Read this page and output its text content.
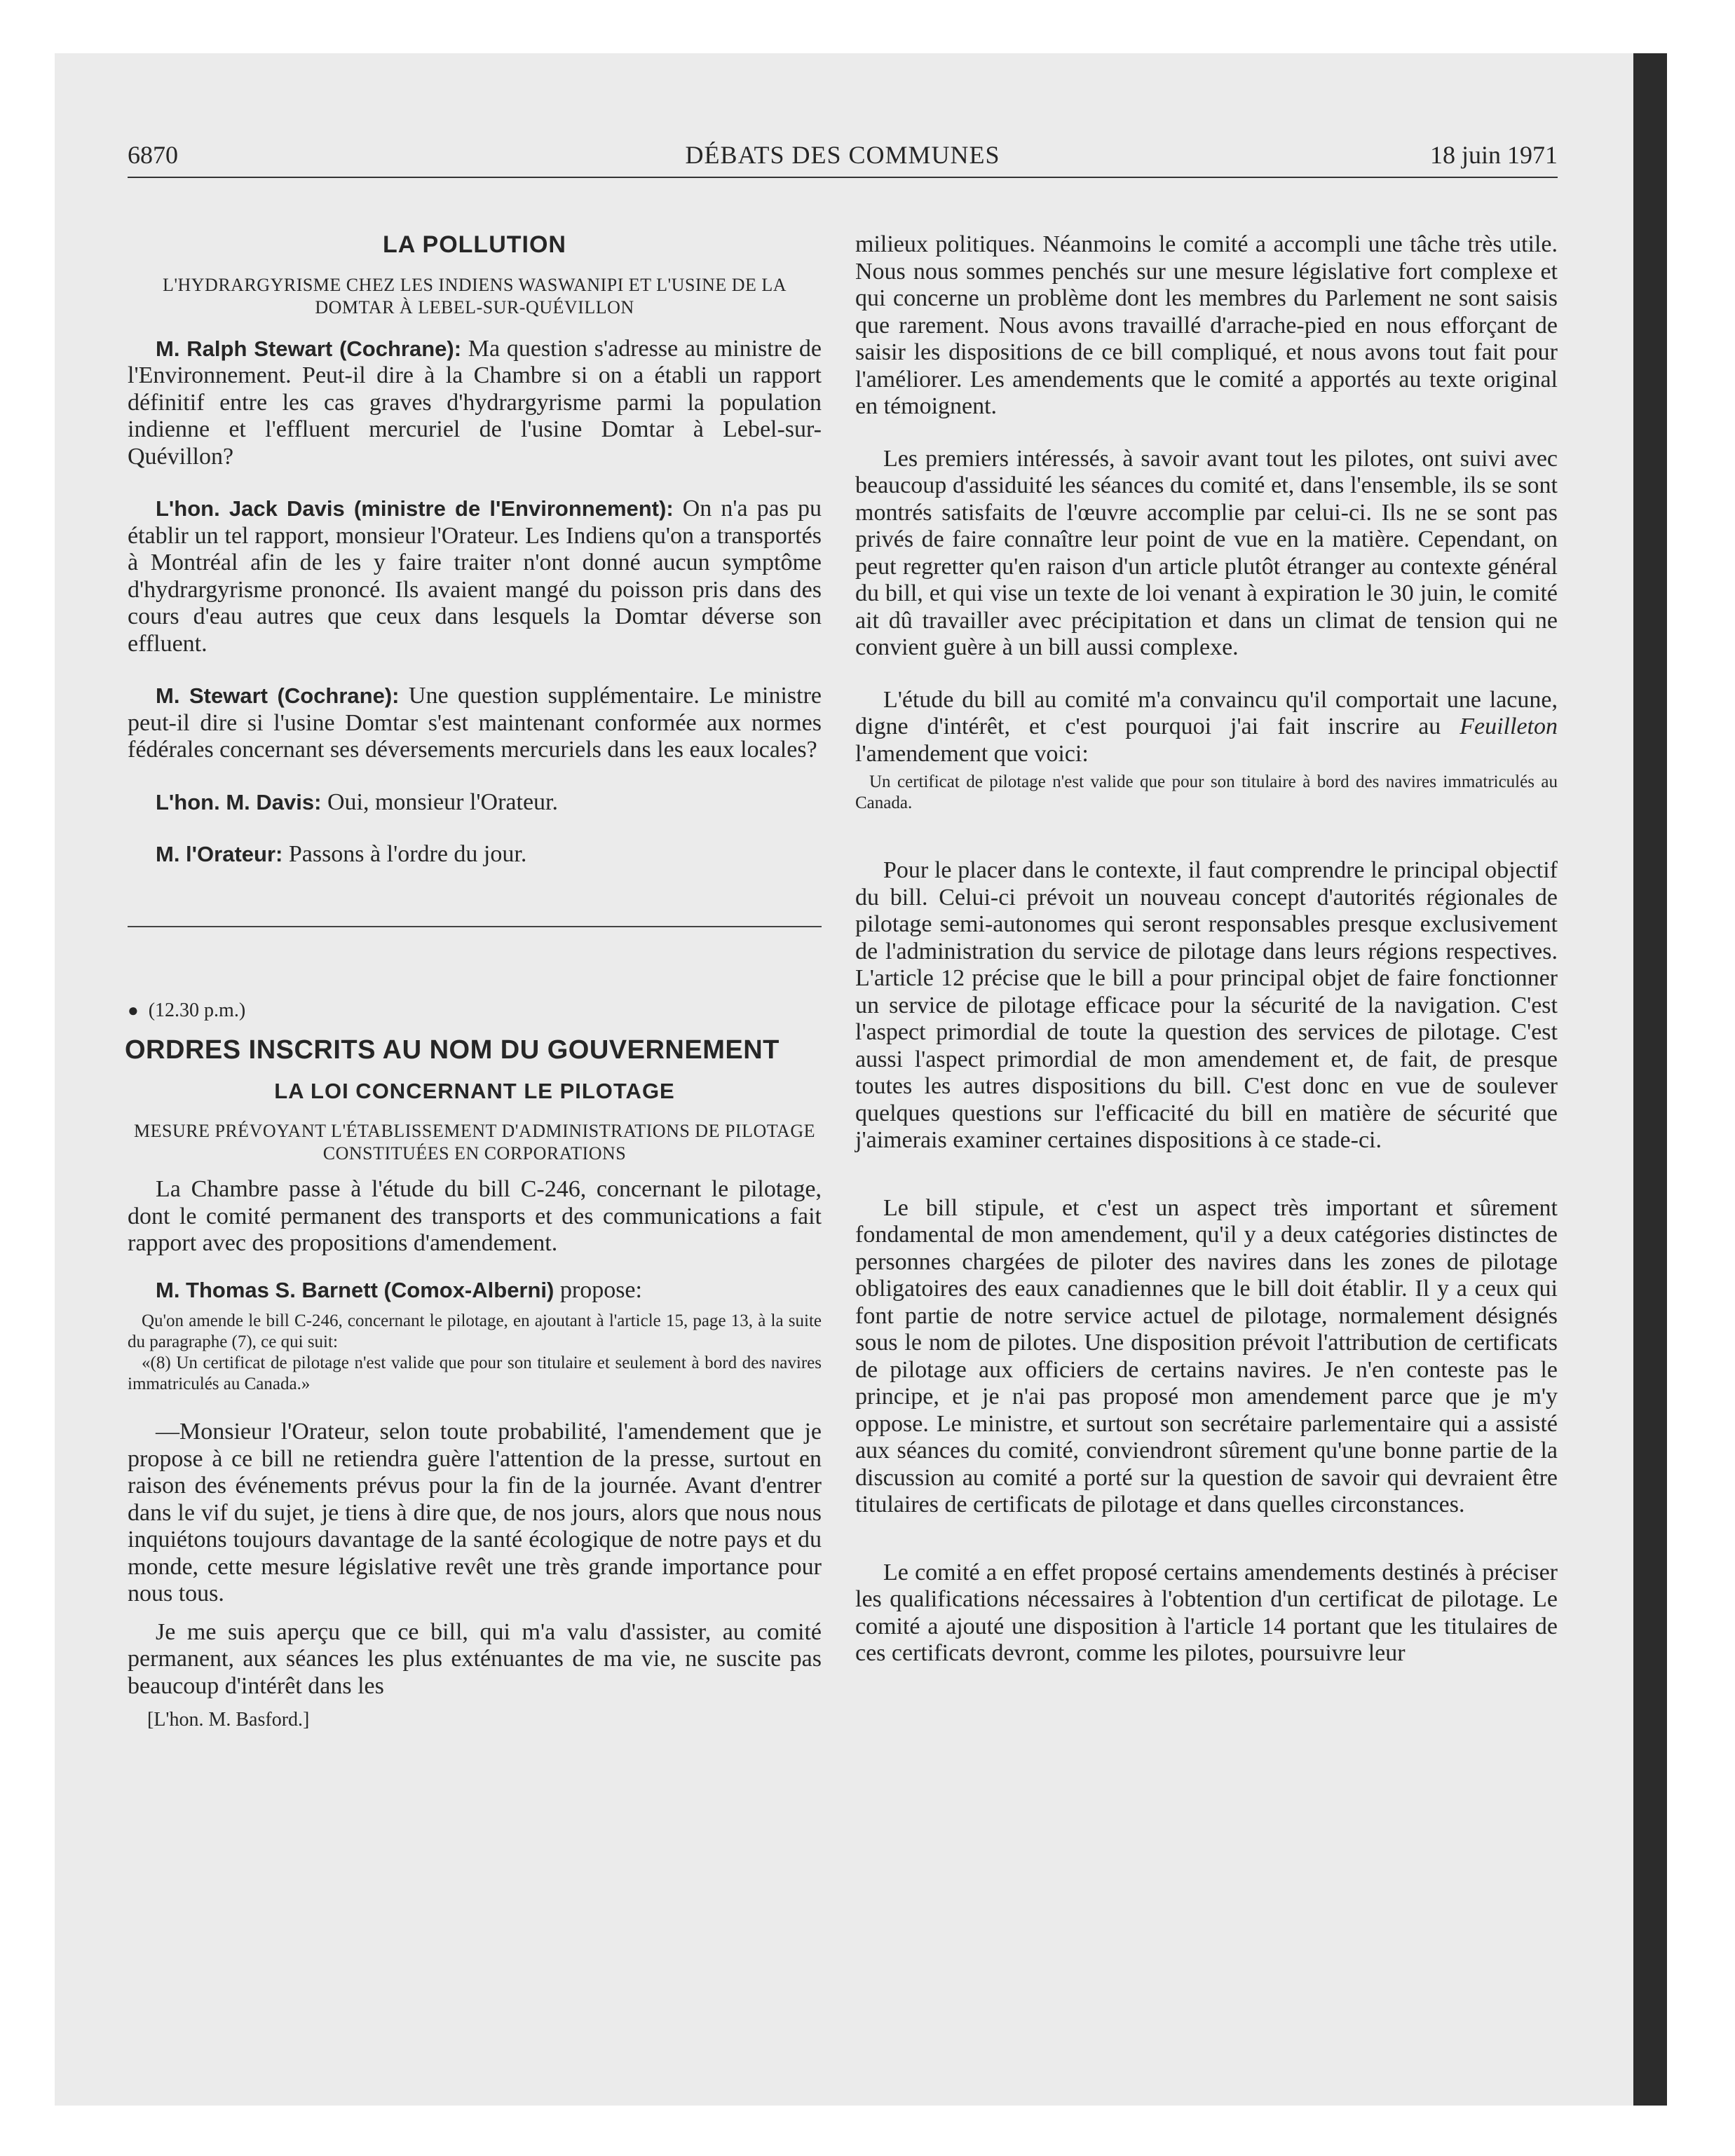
6870	DÉBATS DES COMMUNES	18 juin 1971

LA POLLUTION

L'HYDRARGYRISME CHEZ LES INDIENS WASWANIPI ET L'USINE DE LA DOMTAR À LEBEL-SUR-QUÉVILLON

M. Ralph Stewart (Cochrane): Ma question s'adresse au ministre de l'Environnement. Peut-il dire à la Chambre si on a établi un rapport définitif entre les cas graves d'hydrargyrisme parmi la population indienne et l'effluent mercuriel de l'usine Domtar à Lebel-sur-Quévillon?

L'hon. Jack Davis (ministre de l'Environnement): On n'a pas pu établir un tel rapport, monsieur l'Orateur. Les Indiens qu'on a transportés à Montréal afin de les y faire traiter n'ont donné aucun symptôme d'hydrargyrisme prononcé. Ils avaient mangé du poisson pris dans des cours d'eau autres que ceux dans lesquels la Domtar déverse son effluent.

M. Stewart (Cochrane): Une question supplémentaire. Le ministre peut-il dire si l'usine Domtar s'est maintenant conformée aux normes fédérales concernant ses déversements mercuriels dans les eaux locales?

L'hon. M. Davis: Oui, monsieur l'Orateur.

M. l'Orateur: Passons à l'ordre du jour.

● (12.30 p.m.)

ORDRES INSCRITS AU NOM DU GOUVERNEMENT

LA LOI CONCERNANT LE PILOTAGE

MESURE PRÉVOYANT L'ÉTABLISSEMENT D'ADMINISTRATIONS DE PILOTAGE CONSTITUÉES EN CORPORATIONS

La Chambre passe à l'étude du bill C-246, concernant le pilotage, dont le comité permanent des transports et des communications a fait rapport avec des propositions d'amendement.

M. Thomas S. Barnett (Comox-Alberni) propose:

Qu'on amende le bill C-246, concernant le pilotage, en ajoutant à l'article 15, page 13, à la suite du paragraphe (7), ce qui suit:

«(8) Un certificat de pilotage n'est valide que pour son titulaire et seulement à bord des navires immatriculés au Canada.»

—Monsieur l'Orateur, selon toute probabilité, l'amendement que je propose à ce bill ne retiendra guère l'attention de la presse, surtout en raison des événements prévus pour la fin de la journée. Avant d'entrer dans le vif du sujet, je tiens à dire que, de nos jours, alors que nous nous inquiétons toujours davantage de la santé écologique de notre pays et du monde, cette mesure législative revêt une très grande importance pour nous tous.

Je me suis aperçu que ce bill, qui m'a valu d'assister, au comité permanent, aux séances les plus exténuantes de ma vie, ne suscite pas beaucoup d'intérêt dans les

[L'hon. M. Basford.]

milieux politiques. Néanmoins le comité a accompli une tâche très utile. Nous nous sommes penchés sur une mesure législative fort complexe et qui concerne un problème dont les membres du Parlement ne sont saisis que rarement. Nous avons travaillé d'arrache-pied en nous efforçant de saisir les dispositions de ce bill compliqué, et nous avons tout fait pour l'améliorer. Les amendements que le comité a apportés au texte original en témoignent.

Les premiers intéressés, à savoir avant tout les pilotes, ont suivi avec beaucoup d'assiduité les séances du comité et, dans l'ensemble, ils se sont montrés satisfaits de l'œuvre accomplie par celui-ci. Ils ne se sont pas privés de faire connaître leur point de vue en la matière. Cependant, on peut regretter qu'en raison d'un article plutôt étranger au contexte général du bill, et qui vise un texte de loi venant à expiration le 30 juin, le comité ait dû travailler avec précipitation et dans un climat de tension qui ne convient guère à un bill aussi complexe.

L'étude du bill au comité m'a convaincu qu'il comportait une lacune, digne d'intérêt, et c'est pourquoi j'ai fait inscrire au Feuilleton l'amendement que voici:

Un certificat de pilotage n'est valide que pour son titulaire à bord des navires immatriculés au Canada.

Pour le placer dans le contexte, il faut comprendre le principal objectif du bill. Celui-ci prévoit un nouveau concept d'autorités régionales de pilotage semi-autonomes qui seront responsables presque exclusivement de l'administration du service de pilotage dans leurs régions respectives. L'article 12 précise que le bill a pour principal objet de faire fonctionner un service de pilotage efficace pour la sécurité de la navigation. C'est l'aspect primordial de toute la question des services de pilotage. C'est aussi l'aspect primordial de mon amendement et, de fait, de presque toutes les autres dispositions du bill. C'est donc en vue de soulever quelques questions sur l'efficacité du bill en matière de sécurité que j'aimerais examiner certaines dispositions à ce stade-ci.

Le bill stipule, et c'est un aspect très important et sûrement fondamental de mon amendement, qu'il y a deux catégories distinctes de personnes chargées de piloter des navires dans les zones de pilotage obligatoires des eaux canadiennes que le bill doit établir. Il y a ceux qui font partie de notre service actuel de pilotage, normalement désignés sous le nom de pilotes. Une disposition prévoit l'attribution de certificats de pilotage aux officiers de certains navires. Je n'en conteste pas le principe, et je n'ai pas proposé mon amendement parce que je m'y oppose. Le ministre, et surtout son secrétaire parlementaire qui a assisté aux séances du comité, conviendront sûrement qu'une bonne partie de la discussion au comité a porté sur la question de savoir qui devraient être titulaires de certificats de pilotage et dans quelles circonstances.

Le comité a en effet proposé certains amendements destinés à préciser les qualifications nécessaires à l'obtention d'un certificat de pilotage. Le comité a ajouté une disposition à l'article 14 portant que les titulaires de ces certificats devront, comme les pilotes, poursuivre leur
